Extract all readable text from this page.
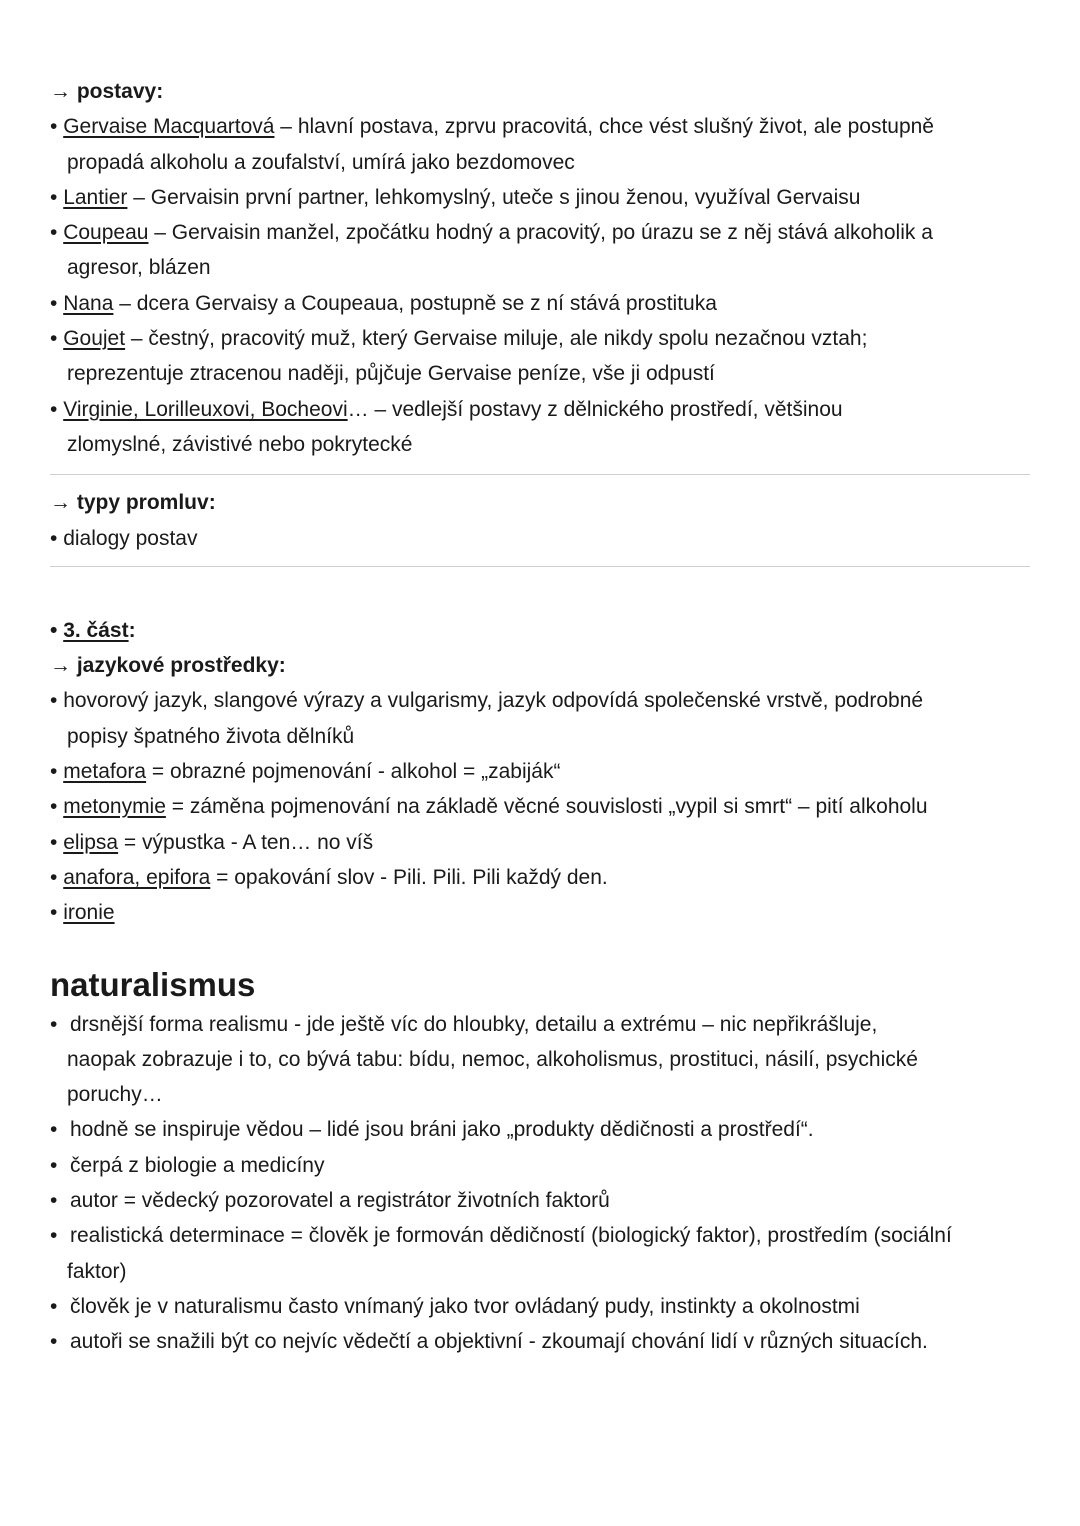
→ postavy:
• Gervaise Macquartová – hlavní postava, zprvu pracovitá, chce vést slušný život, ale postupně
propadá alkoholu a zoufalství, umírá jako bezdomovec
• Lantier – Gervaisin první partner, lehkomyslný, uteče s jinou ženou, využíval Gervaisu
• Coupeau – Gervaisin manžel, zpočátku hodný a pracovitý, po úrazu se z něj stává alkoholik a
agresor, blázen
• Nana – dcera Gervaisy a Coupeaua, postupně se z ní stává prostituka
• Goujet – čestný, pracovitý muž, který Gervaise miluje, ale nikdy spolu nezačnou vztah;
reprezentuje ztracenou naději, půjčuje Gervaise peníze, vše ji odpustí
• Virginie, Lorilleuxovi, Bocheovi… – vedlejší postavy z dělnického prostředí, většinou
zlomyslné, závistivé nebo pokrytecké
→ typy promluv:
• dialogy postav
• 3. část:
→ jazykové prostředky:
• hovorový jazyk, slangové výrazy a vulgarismy, jazyk odpovídá společenské vrstvě, podrobné
popisy špatného života dělníků
• metafora = obrazné pojmenování - alkohol = „zabiják“
• metonymie = záměna pojmenování na základě věcné souvislosti „vypil si smrt“ – pití alkoholu
• elipsa = výpustka - A ten… no víš
• anafora, epifora = opakování slov - Pili. Pili. Pili každý den.
• ironie
naturalismus
• drsnější forma realismu - jde ještě víc do hloubky, detailu a extrému – nic nepřikrášluje,
naopak zobrazuje i to, co bývá tabu: bídu, nemoc, alkoholismus, prostituci, násilí, psychické
poruchy…
• hodně se inspiruje vědou – lidé jsou bráni jako „produkty dědičnosti a prostředí“.
• čerpá z biologie a medicíny
• autor = vědecký pozorovatel a registrátor životních faktorů
• realistická determinace = člověk je formován dědičností (biologický faktor), prostředím (sociální
faktor)
• člověk je v naturalismu často vnímaný jako tvor ovládaný pudy, instinkty a okolnostmi
• autoři se snažili být co nejvíc vědečtí a objektivní - zkoumají chování lidí v různých situacích.
